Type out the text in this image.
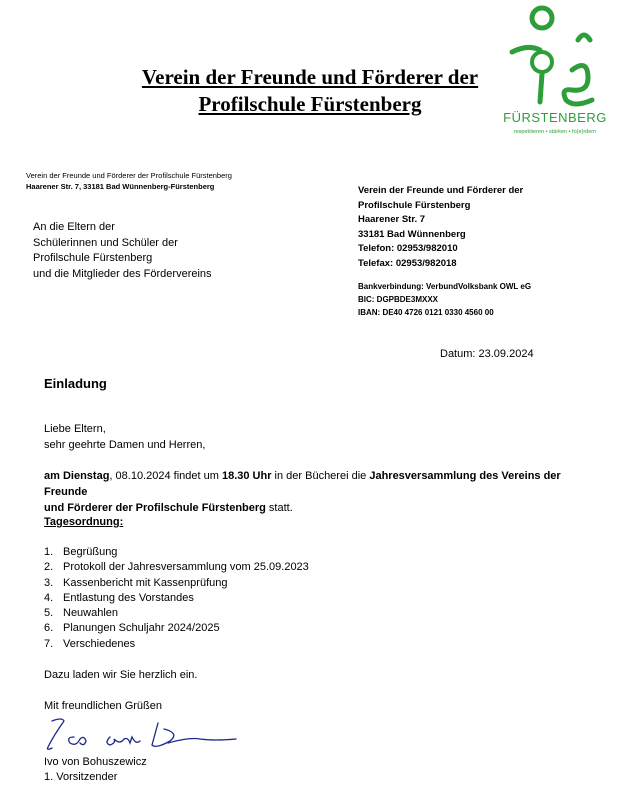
Verein der Freunde und Förderer der
Profilschule Fürstenberg
FÜRSTENBERG
respektieren • stärken • fo(e)rdern
Verein der Freunde und Förderer der Profilschule Fürstenberg
Haarener Str. 7, 33181 Bad Wünnenberg-Fürstenberg
An die Eltern der
Schülerinnen und Schüler der
Profilschule Fürstenberg
und die Mitglieder des Fördervereins
Verein der Freunde und Förderer der
Profilschule Fürstenberg
Haarener Str. 7
33181 Bad Wünnenberg
Telefon: 02953/982010
Telefax: 02953/982018
Bankverbindung: VerbundVolksbank OWL eG
BIC: DGPBDE3MXXX
IBAN: DE40 4726 0121 0330 4560 00
Datum: 23.09.2024
Einladung
Liebe Eltern,
sehr geehrte Damen und Herren,
am Dienstag, 08.10.2024 findet um 18.30 Uhr in der Bücherei die Jahresversammlung des Vereins der Freunde
und Förderer der Profilschule Fürstenberg statt.
Tagesordnung:
1. Begrüßung
2. Protokoll der Jahresversammlung vom 25.09.2023
3. Kassenbericht mit Kassenprüfung
4. Entlastung des Vorstandes
5. Neuwahlen
6. Planungen Schuljahr 2024/2025
7. Verschiedenes
Dazu laden wir Sie herzlich ein.
Mit freundlichen Grüßen
Ivo von Bohuszewicz
1. Vorsitzender
